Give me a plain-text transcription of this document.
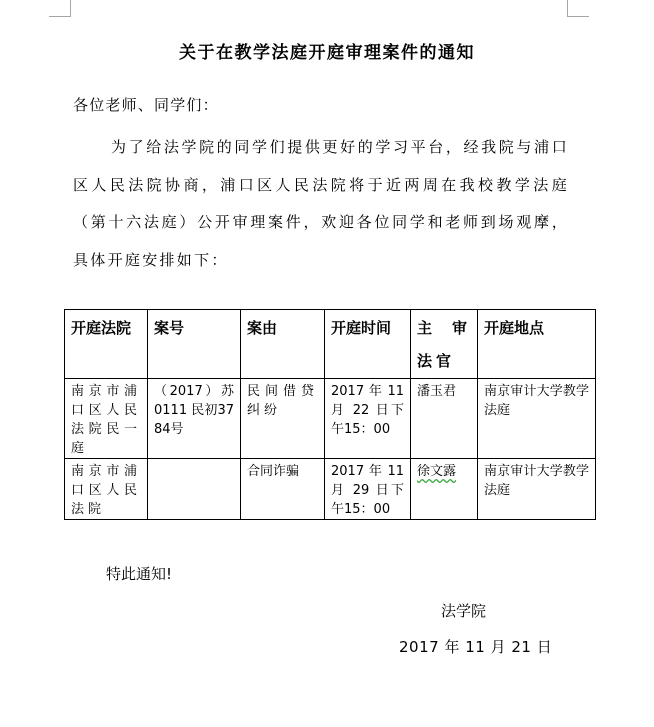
关于在教学法庭开庭审理案件的通知
各位老师、同学们：
为了给法学院的同学们提供更好的学习平台，经我院与浦口区人民法院协商，浦口区人民法院将于近两周在我校教学法庭（第十六法庭）公开审理案件，欢迎各位同学和老师到场观摩，具体开庭安排如下：
开庭法院	案号	案由	开庭时间	主审法官	开庭地点
南京市浦口区人民法院民一庭	（2017）苏0111 民初3784号	民间借贷纠纷	2017 年 11 月 22 日下午15：00	潘玉君	南京审计大学教学法庭
南京市浦口区人民法院		合同诈骗	2017 年 11 月 29 日下午15：00	徐文露	南京审计大学教学法庭
特此通知!
法学院
2017 年 11 月 21 日
